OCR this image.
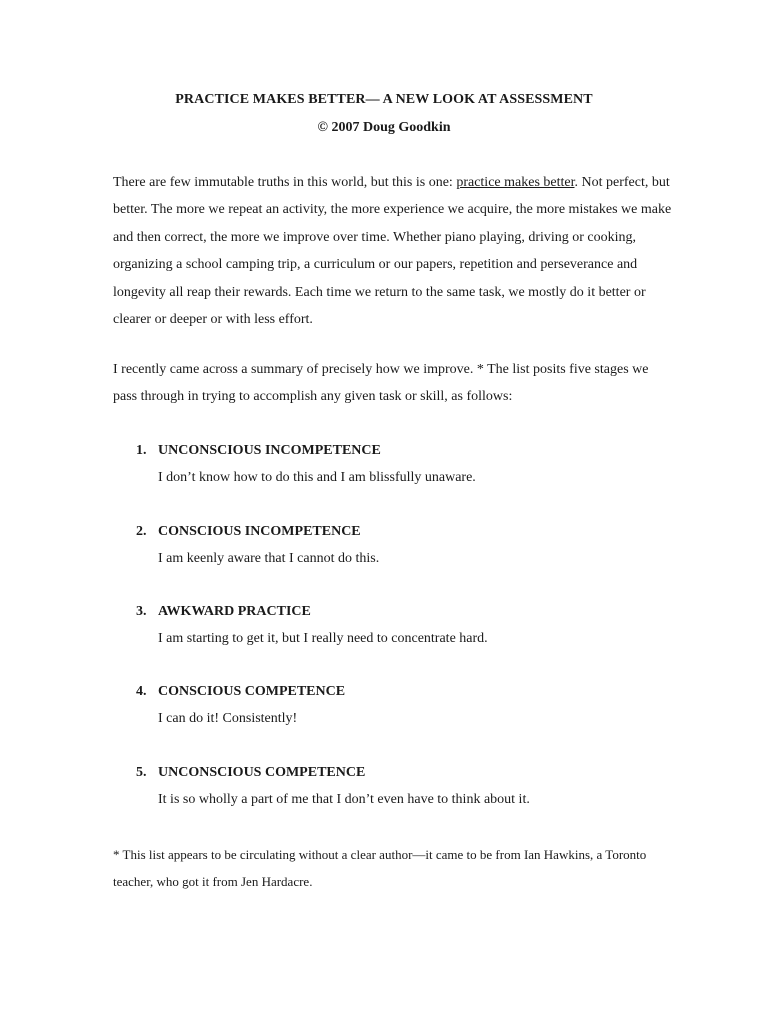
PRACTICE MAKES BETTER— A NEW LOOK AT ASSESSMENT

© 2007 Doug Goodkin

There are few immutable truths in this world, but this is one: practice makes better. Not perfect, but better. The more we repeat an activity, the more experience we acquire, the more mistakes we make and then correct, the more we improve over time. Whether piano playing, driving or cooking, organizing a school camping trip, a curriculum or our papers, repetition and perseverance and longevity all reap their rewards. Each time we return to the same task, we mostly do it better or clearer or deeper or with less effort.

I recently came across a summary of precisely how we improve. * The list posits five stages we pass through in trying to accomplish any given task or skill, as follows:

1. UNCONSCIOUS INCOMPETENCE

I don’t know how to do this and I am blissfully unaware.

2. CONSCIOUS INCOMPETENCE

I am keenly aware that I cannot do this.

3. AWKWARD PRACTICE

I am starting to get it, but I really need to concentrate hard.

4. CONSCIOUS COMPETENCE

I can do it! Consistently!

5. UNCONSCIOUS COMPETENCE

It is so wholly a part of me that I don’t even have to think about it.

* This list appears to be circulating without a clear author—it came to be from Ian Hawkins, a Toronto teacher, who got it from Jen Hardacre.
